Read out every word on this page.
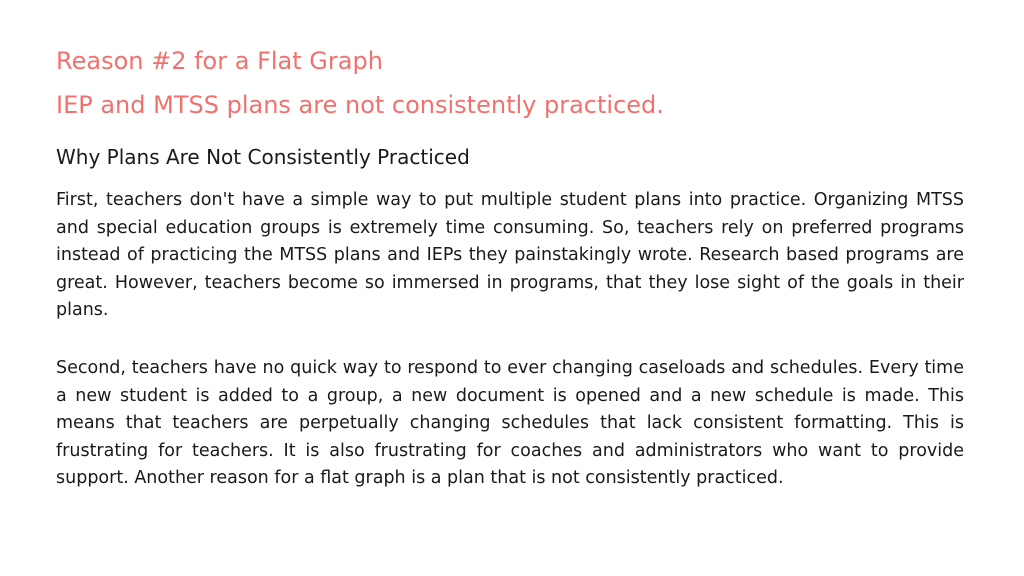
Reason #2 for a Flat Graph
IEP and MTSS plans are not consistently practiced.
Why Plans Are Not Consistently Practiced

First, teachers don't have a simple way to put multiple student plans into practice. Organizing MTSS and special education groups is extremely time consuming. So, teachers rely on preferred programs instead of practicing the MTSS plans and IEPs they painstakingly wrote. Research based programs are great. However, teachers become so immersed in programs, that they lose sight of the goals in their plans.

Second, teachers have no quick way to respond to ever changing caseloads and schedules. Every time a new student is added to a group, a new document is opened and a new schedule is made. This means that teachers are perpetually changing schedules that lack consistent formatting. This is frustrating for teachers. It is also frustrating for coaches and administrators who want to provide support. Another reason for a flat graph is a plan that is not consistently practiced.
